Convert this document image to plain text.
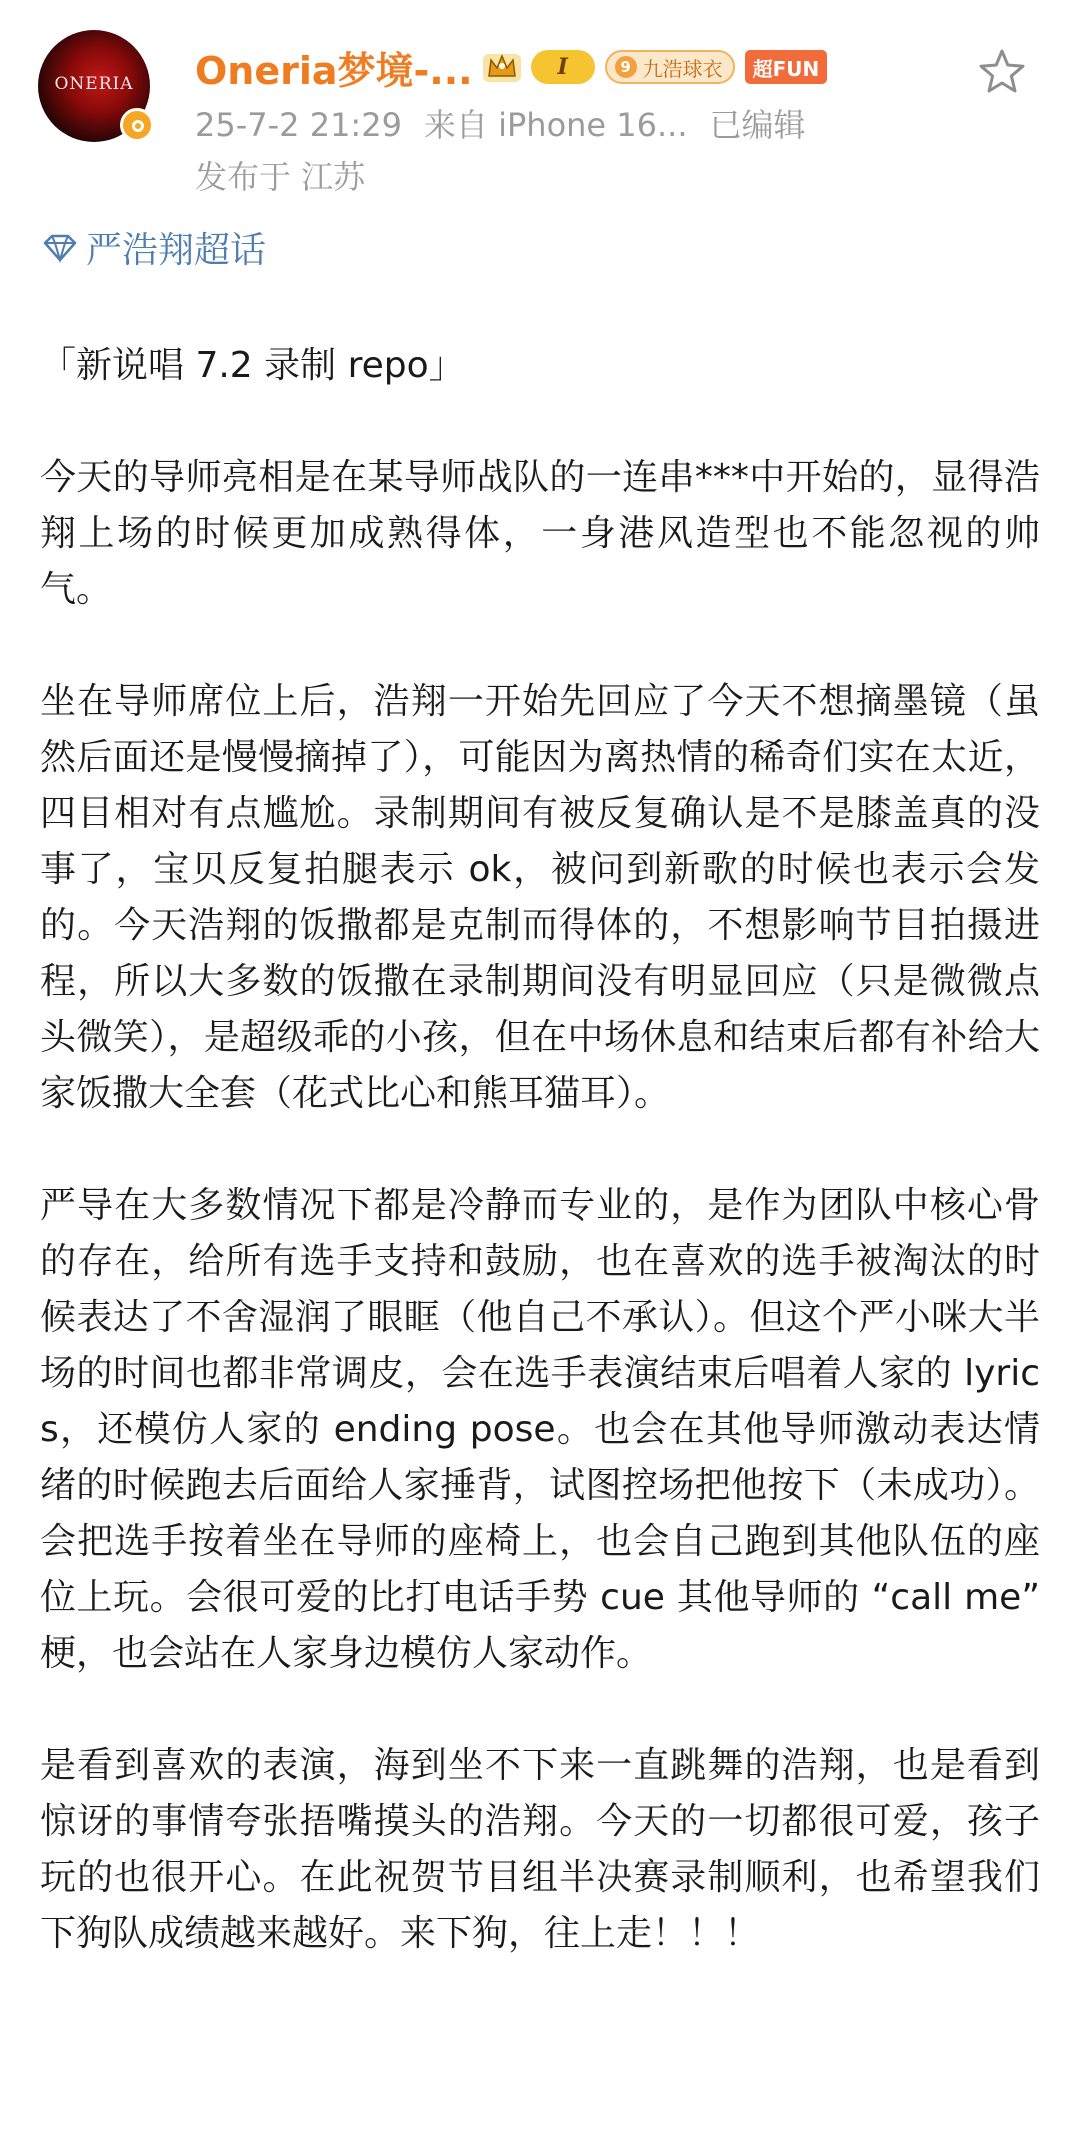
ONERIA Oneria梦境-...	I	9 九浩球衣	超FUN
25-7-2 21:29 来自 iPhone 16... 已编辑
发布于 江苏
严浩翔超话

「新说唱 7.2 录制 repo」

今天的导师亮相是在某导师战队的一连串***中开始的，显得浩翔上场的时候更加成熟得体，一身港风造型也不能忽视的帅气。

坐在导师席位上后，浩翔一开始先回应了今天不想摘墨镜（虽然后面还是慢慢摘掉了），可能因为离热情的稀奇们实在太近，四目相对有点尴尬。录制期间有被反复确认是不是膝盖真的没事了，宝贝反复拍腿表示 ok，被问到新歌的时候也表示会发的。今天浩翔的饭撒都是克制而得体的，不想影响节目拍摄进程，所以大多数的饭撒在录制期间没有明显回应（只是微微点头微笑），是超级乖的小孩，但在中场休息和结束后都有补给大家饭撒大全套（花式比心和熊耳猫耳）。

严导在大多数情况下都是冷静而专业的，是作为团队中核心骨的存在，给所有选手支持和鼓励，也在喜欢的选手被淘汰的时候表达了不舍湿润了眼眶（他自己不承认）。但这个严小咪大半场的时间也都非常调皮，会在选手表演结束后唱着人家的 lyrics，还模仿人家的 ending pose。也会在其他导师激动表达情绪的时候跑去后面给人家捶背，试图控场把他按下（未成功）。会把选手按着坐在导师的座椅上，也会自己跑到其他队伍的座位上玩。会很可爱的比打电话手势 cue 其他导师的 “call me” 梗，也会站在人家身边模仿人家动作。

是看到喜欢的表演，海到坐不下来一直跳舞的浩翔，也是看到惊讶的事情夸张捂嘴摸头的浩翔。今天的一切都很可爱，孩子玩的也很开心。在此祝贺节目组半决赛录制顺利，也希望我们下狗队成绩越来越好。来下狗，往上走！！！
